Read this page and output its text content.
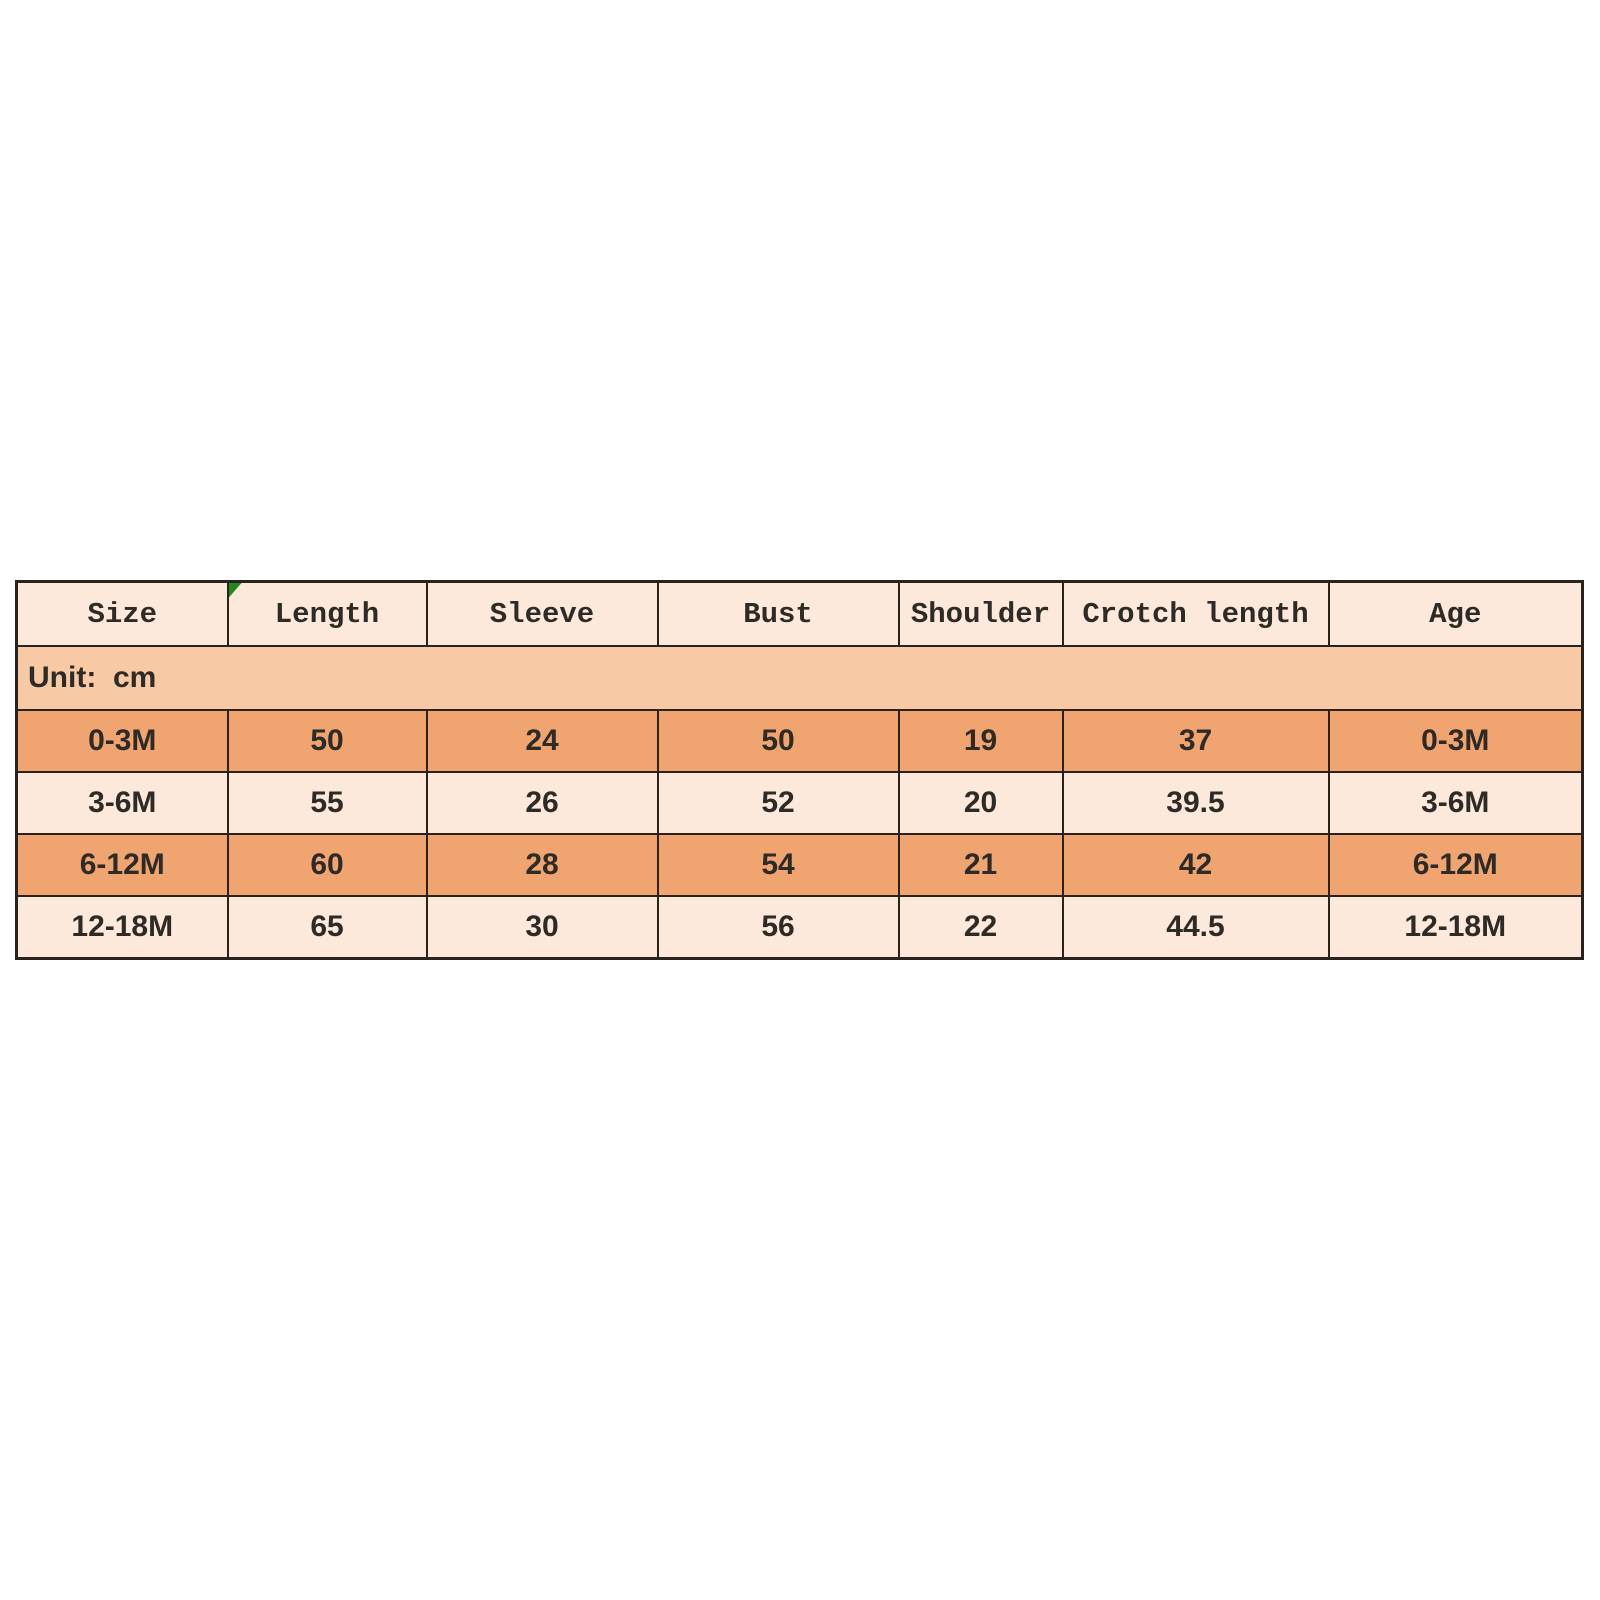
Unit:  cm						
Size	Length	Sleeve	Bust	Shoulder	Crotch length	Age
0-3M	50	24	50	19	37	0-3M
3-6M	55	26	52	20	39.5	3-6M
6-12M	60	28	54	21	42	6-12M
12-18M	65	30	56	22	44.5	12-18M
